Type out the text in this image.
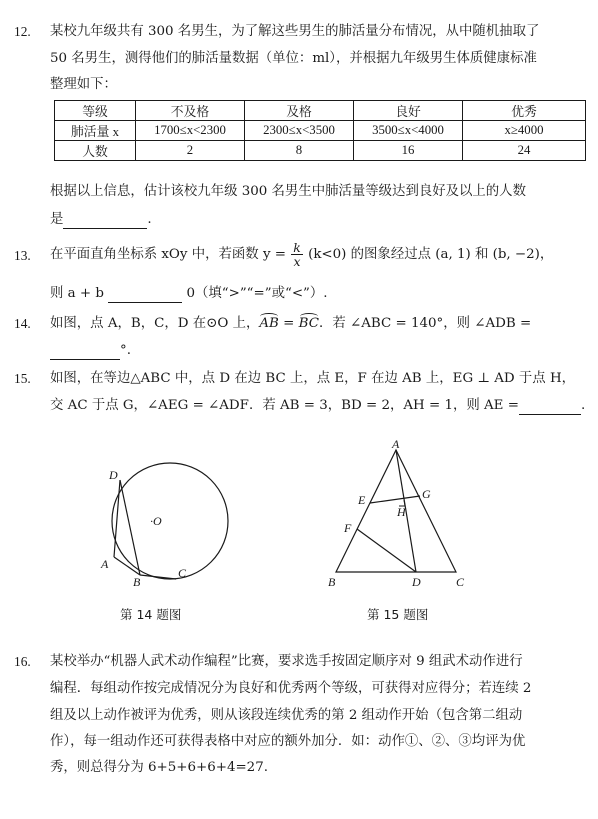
12. 某校九年级共有 300 名男生，为了解这些男生的肺活量分布情况，从中随机抽取了
50 名男生，测得他们的肺活量数据（单位：ml），并根据九年级男生体质健康标准
整理如下：
等级	不及格	及格	良好	优秀
肺活量 x	1700≤x<2300	2300≤x<3500	3500≤x<4000	x≥4000
人数	2	8	16	24
根据以上信息，估计该校九年级 300 名男生中肺活量等级达到良好及以上的人数
是	.
13. 在平面直角坐标系 xOy 中，若函数 $y = \frac{k}{x} (k<0)$ 的图象经过点 (a, 1) 和 (b, −2)，
则 a + b	0（填“>”“=”或“<”）.
14. 如图，点 A，B，C，D 在⊙O 上，AB = BC．若 ∠ABC = 140°，则 ∠ADB =
°.
15. 如图，在等边△ABC 中，点 D 在边 BC 上，点 E，F 在边 AB 上，EG ⊥ AD 于点 H，
交 AC 于点 G，∠AEG = ∠ADF．若 AB = 3，BD = 2，AH = 1，则 AE =	.
D
·O
A
B
C
第 14 题图
A
E	G
H
F
B	D	C
第 15 题图
16. 某校举办“机器人武术动作编程”比赛，要求选手按固定顺序对 9 组武术动作进行
编程．每组动作按完成情况分为良好和优秀两个等级，可获得对应得分；若连续 2
组及以上动作被评为优秀，则从该段连续优秀的第 2 组动作开始（包含第二组动
作），每一组动作还可获得表格中对应的额外加分．如：动作①、②、③均评为优
秀，则总得分为 6+5+6+6+4=27.
